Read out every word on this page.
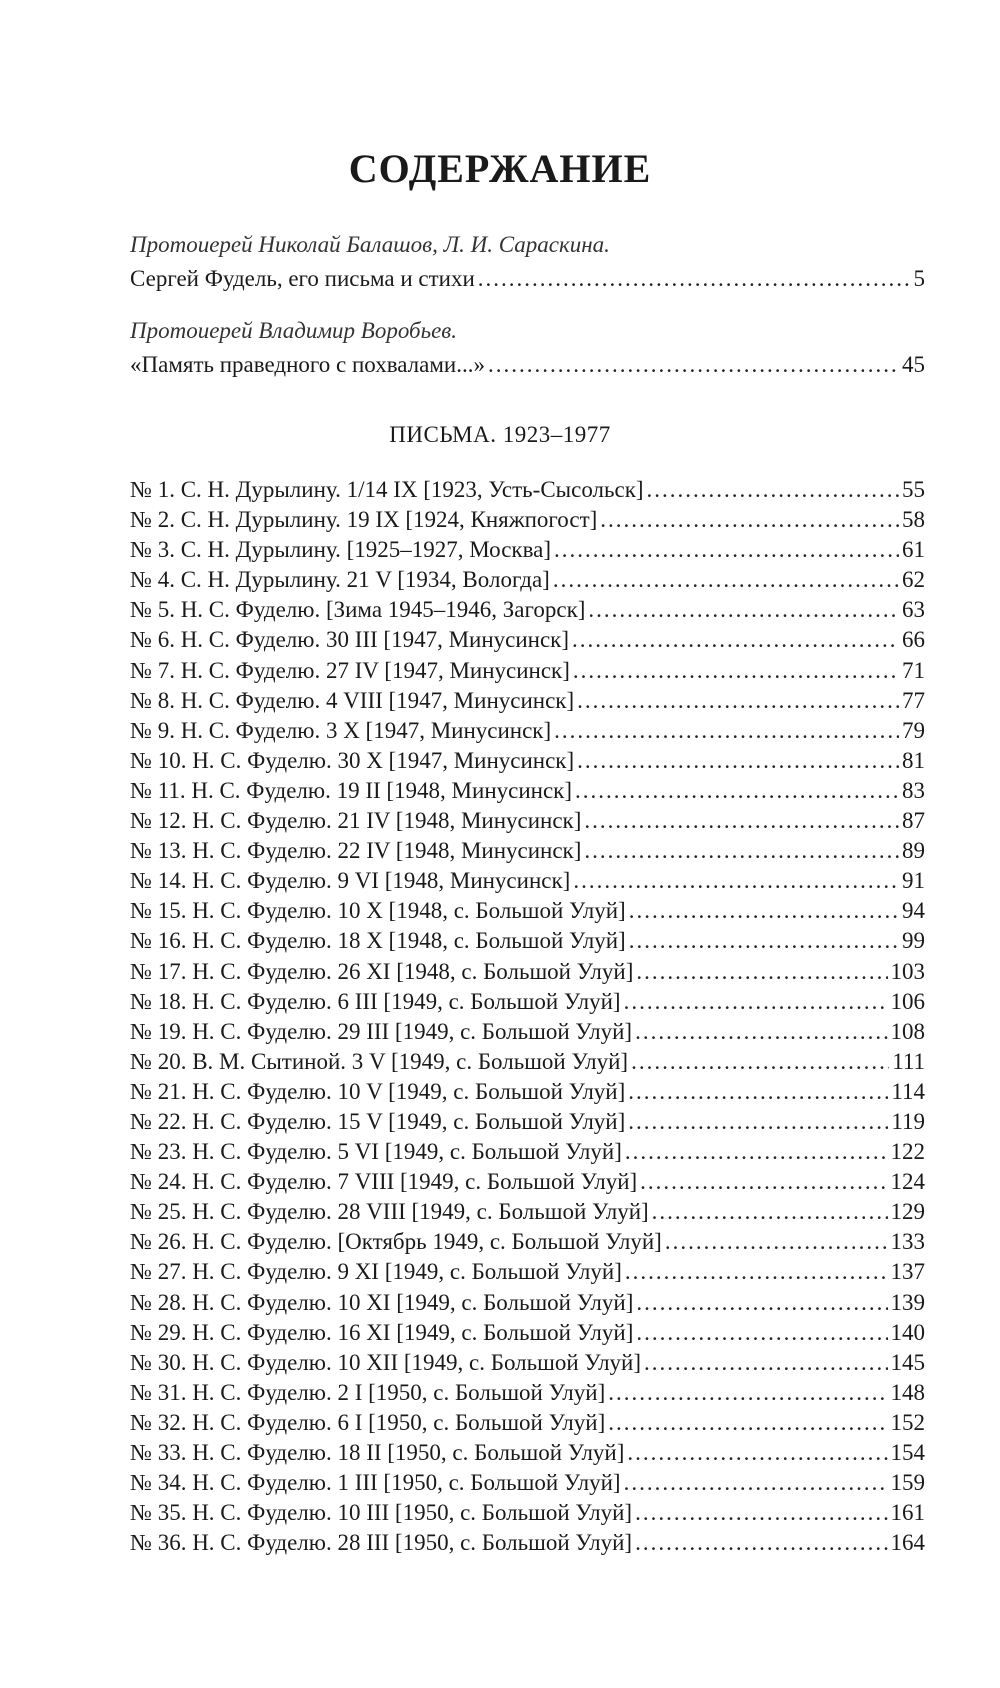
СОДЕРЖАНИЕ
Протоиерей Николай Балашов, Л. И. Сараскина.
Сергей Фудель, его письма и стихи .....	5
Протоиерей Владимир Воробьев.
«Память праведного с похвалами...» .....	45
ПИСЬМА. 1923–1977
№ 1. С. Н. Дурылину. 1/14 IX [1923, Усть-Сысольск] .....	55
№ 2. С. Н. Дурылину. 19 IX [1924, Княжпогост] .....	58
№ 3. С. Н. Дурылину. [1925–1927, Москва] .....	61
№ 4. С. Н. Дурылину. 21 V [1934, Вологда] .....	62
№ 5. Н. С. Фуделю. [Зима 1945–1946, Загорск] .....	63
№ 6. Н. С. Фуделю. 30 III [1947, Минусинск] .....	66
№ 7. Н. С. Фуделю. 27 IV [1947, Минусинск] .....	71
№ 8. Н. С. Фуделю. 4 VIII [1947, Минусинск] .....	77
№ 9. Н. С. Фуделю. 3 X [1947, Минусинск] .....	79
№ 10. Н. С. Фуделю. 30 X [1947, Минусинск] .....	81
№ 11. Н. С. Фуделю. 19 II [1948, Минусинск] .....	83
№ 12. Н. С. Фуделю. 21 IV [1948, Минусинск] .....	87
№ 13. Н. С. Фуделю. 22 IV [1948, Минусинск] .....	89
№ 14. Н. С. Фуделю. 9 VI [1948, Минусинск] .....	91
№ 15. Н. С. Фуделю. 10 X [1948, с. Большой Улуй] .....	94
№ 16. Н. С. Фуделю. 18 X [1948, с. Большой Улуй] .....	99
№ 17. Н. С. Фуделю. 26 XI [1948, с. Большой Улуй] .....	103
№ 18. Н. С. Фуделю. 6 III [1949, с. Большой Улуй] .....	106
№ 19. Н. С. Фуделю. 29 III [1949, с. Большой Улуй] .....	108
№ 20. В. М. Сытиной. 3 V [1949, с. Большой Улуй] .....	111
№ 21. Н. С. Фуделю. 10 V [1949, с. Большой Улуй] .....	114
№ 22. Н. С. Фуделю. 15 V [1949, с. Большой Улуй] .....	119
№ 23. Н. С. Фуделю. 5 VI [1949, с. Большой Улуй] .....	122
№ 24. Н. С. Фуделю. 7 VIII [1949, с. Большой Улуй] .....	124
№ 25. Н. С. Фуделю. 28 VIII [1949, с. Большой Улуй] .....	129
№ 26. Н. С. Фуделю. [Октябрь 1949, с. Большой Улуй] .....	133
№ 27. Н. С. Фуделю. 9 XI [1949, с. Большой Улуй] .....	137
№ 28. Н. С. Фуделю. 10 XI [1949, с. Большой Улуй] .....	139
№ 29. Н. С. Фуделю. 16 XI [1949, с. Большой Улуй] .....	140
№ 30. Н. С. Фуделю. 10 XII [1949, с. Большой Улуй] .....	145
№ 31. Н. С. Фуделю. 2 I [1950, с. Большой Улуй] .....	148
№ 32. Н. С. Фуделю. 6 I [1950, с. Большой Улуй] .....	152
№ 33. Н. С. Фуделю. 18 II [1950, с. Большой Улуй] .....	154
№ 34. Н. С. Фуделю. 1 III [1950, с. Большой Улуй] .....	159
№ 35. Н. С. Фуделю. 10 III [1950, с. Большой Улуй] .....	161
№ 36. Н. С. Фуделю. 28 III [1950, с. Большой Улуй] .....	164
